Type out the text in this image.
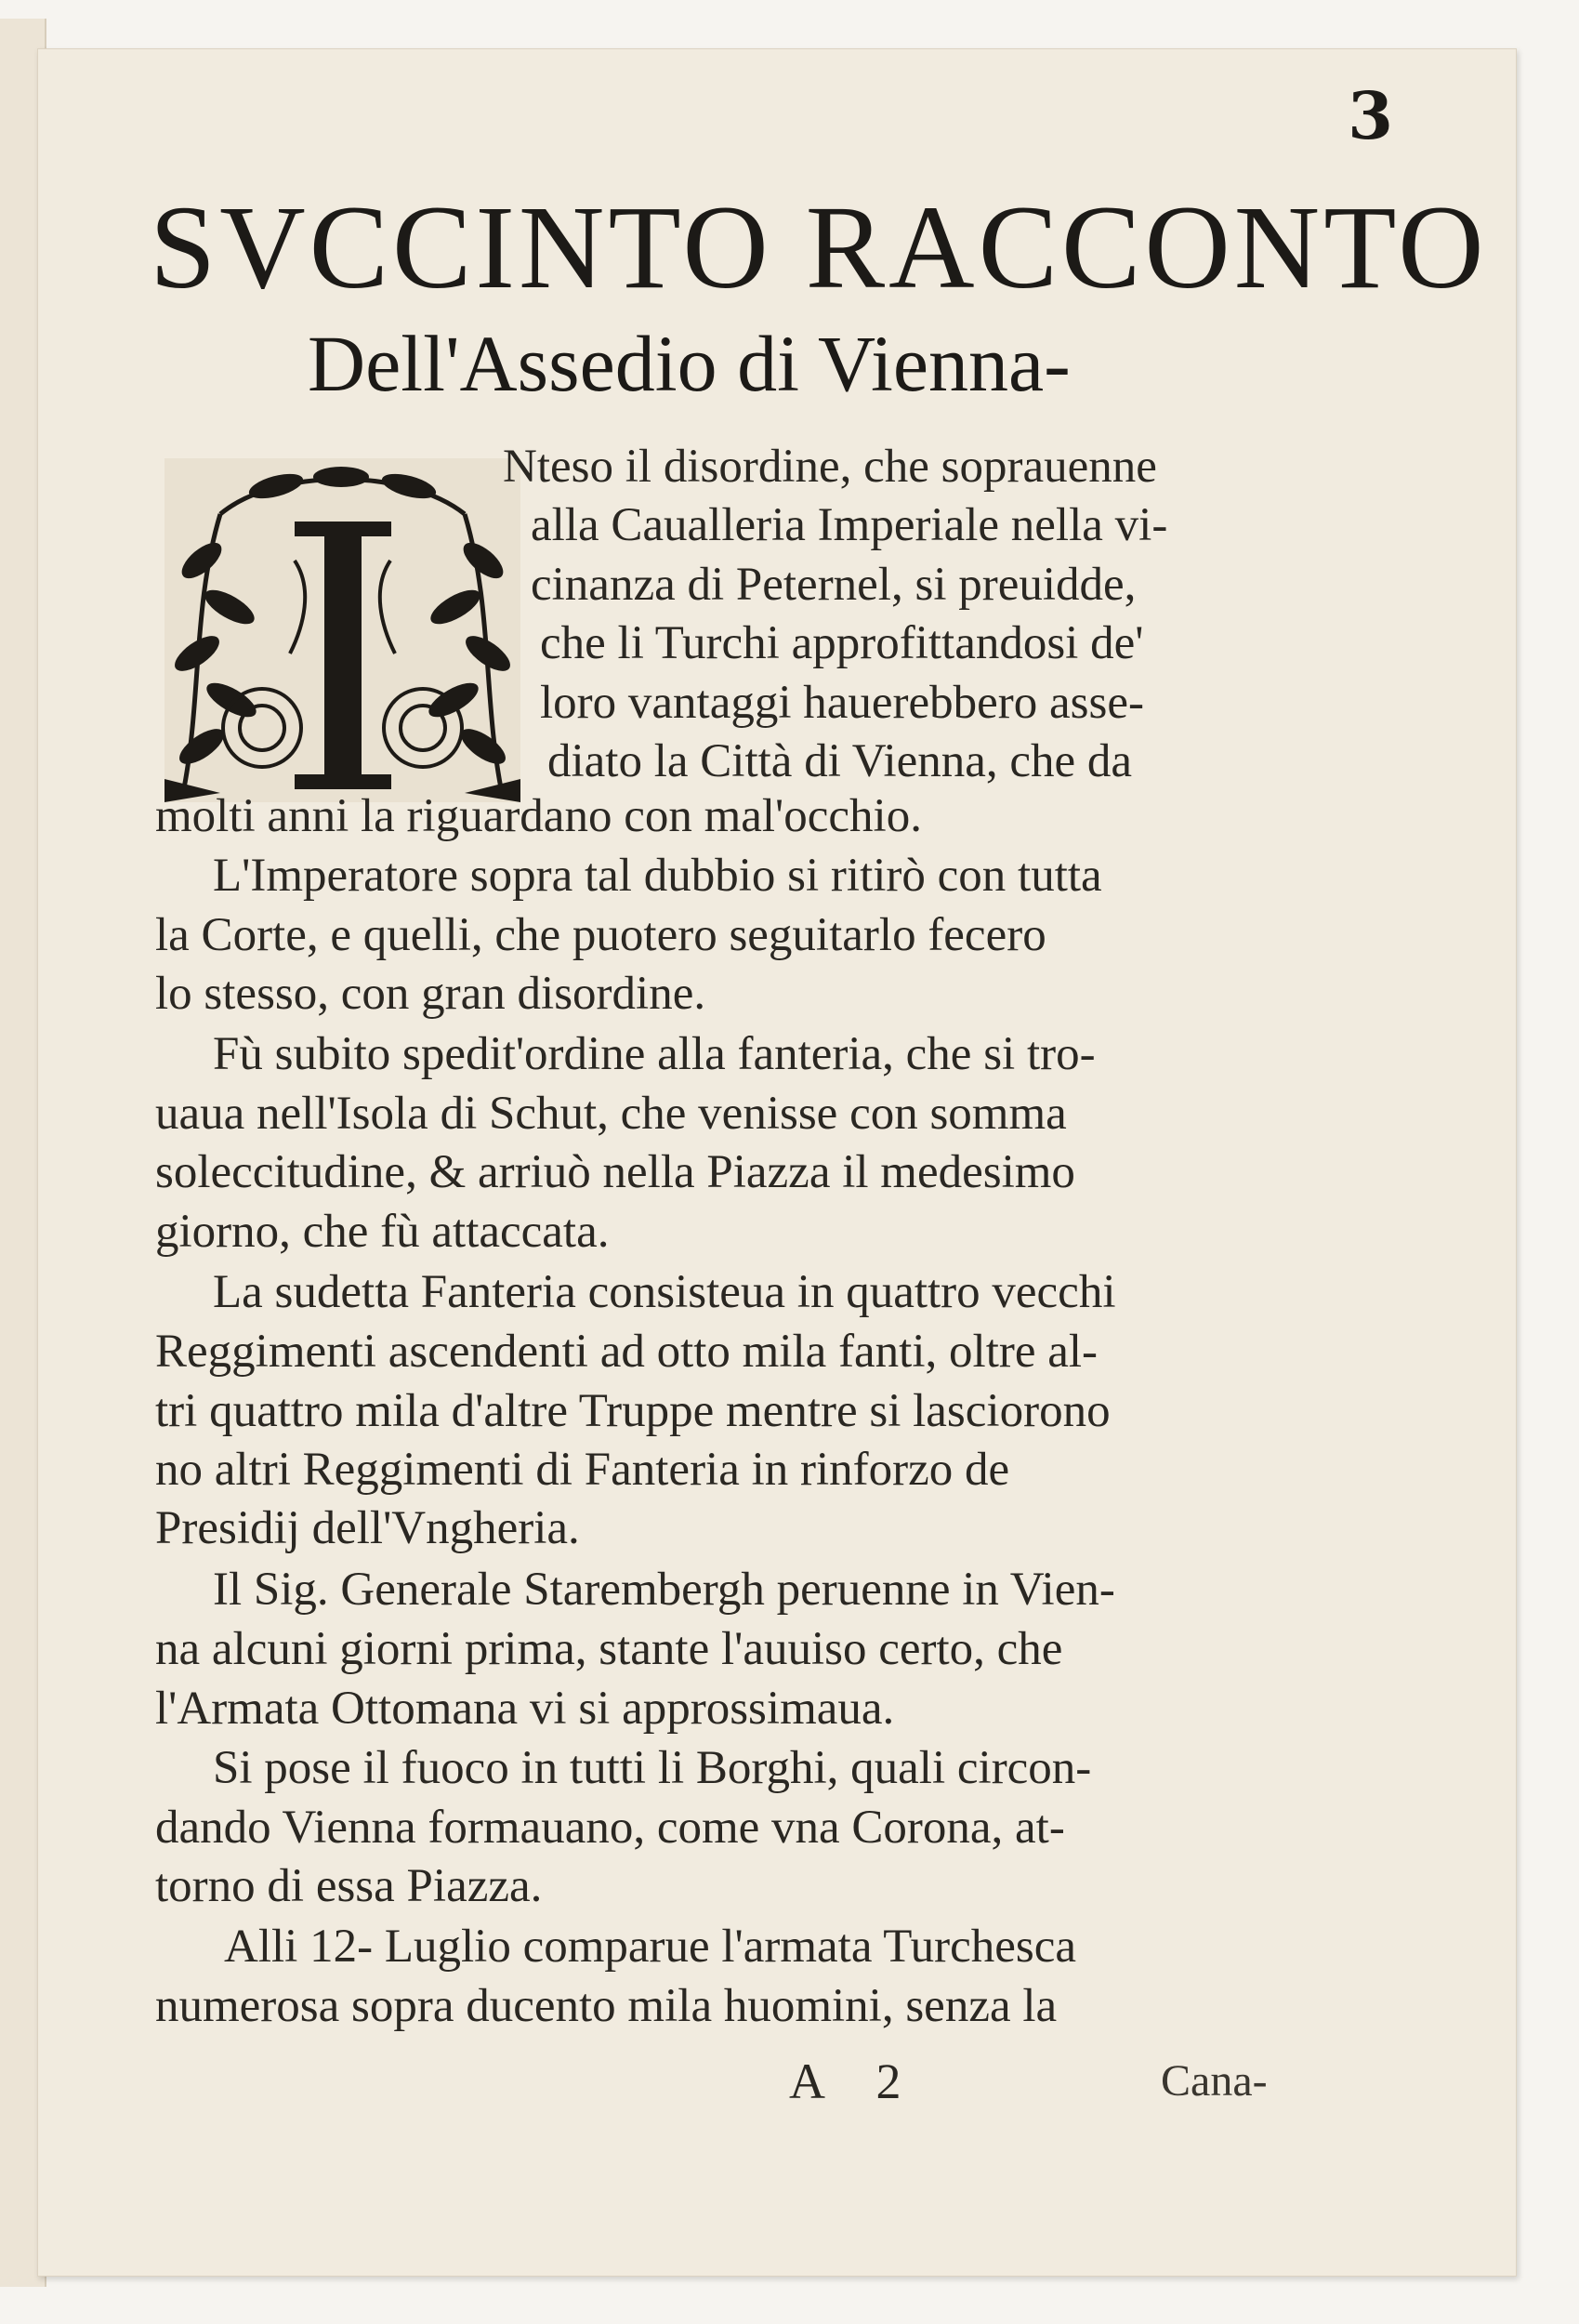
3
SVCCINTO RACCONTO
Dell'Assedio di Vienna-
Nteso il disordine, che soprauenne
alla Caualleria Imperiale nella vi-
cinanza di Peternel, si preuidde,
che li Turchi approfittandosi de'
loro vantaggi hauerebbero asse-
diato la Città di Vienna, che da
molti anni la riguardano con mal'occhio.
L'Imperatore sopra tal dubbio si ritirò con tutta
la Corte, e quelli, che puotero seguitarlo fecero
lo stesso, con gran disordine.
Fù subito spedit'ordine alla fanteria, che si tro-
uaua nell'Isola di Schut, che venisse con somma
soleccitudine, & arriuò nella Piazza il medesimo
giorno, che fù attaccata.
La sudetta Fanteria consisteua in quattro vecchi
Reggimenti ascendenti ad otto mila fanti, oltre al-
tri quattro mila d'altre Truppe mentre si lasciorono
no altri Reggimenti di Fanteria in rinforzo de
Presidij dell'Vngheria.
Il Sig. Generale Starembergh peruenne in Vien-
na alcuni giorni prima, stante l'auuiso certo, che
l'Armata Ottomana vi si approssimaua.
Si pose il fuoco in tutti li Borghi, quali circon-
dando Vienna formauano, come vna Corona, at-
torno di essa Piazza.
Alli 12- Luglio comparue l'armata Turchesca
numerosa sopra ducento mila huomini, senza la
A 2	Cana-
